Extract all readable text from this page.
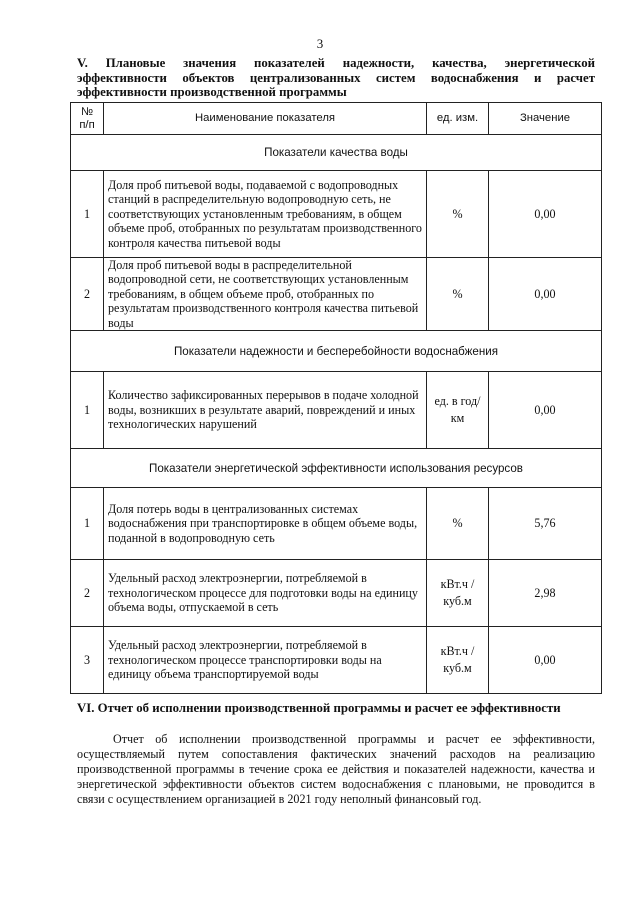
3
V. Плановые значения показателей надежности, качества, энергетической эффективности объектов централизованных систем водоснабжения и расчет эффективности производственной программы
№ п/п	Наименование показателя	ед. изм.	Значение
Показатели качества воды			
1	Доля проб питьевой воды, подаваемой с водопроводных станций в распределительную водопроводную сеть, не соответствующих установленным требованиям, в общем объеме проб, отобранных по результатам производственного контроля качества питьевой воды	%	0,00
2	Доля проб питьевой воды в распределительной водопроводной сети, не соответствующих установленным требованиям, в общем объеме проб, отобранных по результатам производственного контроля качества питьевой воды	%	0,00
Показатели надежности и бесперебойности водоснабжения			
1	Количество зафиксированных перерывов в подаче холодной воды, возникших в результате аварий, повреждений и иных технологических нарушений	ед. в год/ км	0,00
Показатели энергетической эффективности использования ресурсов			
1	Доля потерь воды в централизованных системах водоснабжения при транспортировке в общем объеме воды, поданной в водопроводную сеть	%	5,76
2	Удельный расход электроэнергии, потребляемой в технологическом процессе для подготовки воды на единицу объема воды, отпускаемой в сеть	кВт.ч / куб.м	2,98
3	Удельный расход электроэнергии, потребляемой в технологическом процессе транспортировки воды на единицу объема транспортируемой воды	кВт.ч / куб.м	0,00
VI. Отчет об исполнении производственной программы и расчет ее эффективности

Отчет об исполнении производственной программы и расчет ее эффективности, осуществляемый путем сопоставления фактических значений расходов на реализацию производственной программы в течение срока ее действия и показателей надежности, качества и энергетической эффективности объектов систем водоснабжения с плановыми, не проводится в связи с осуществлением организацией в 2021 году неполный финансовый год.
